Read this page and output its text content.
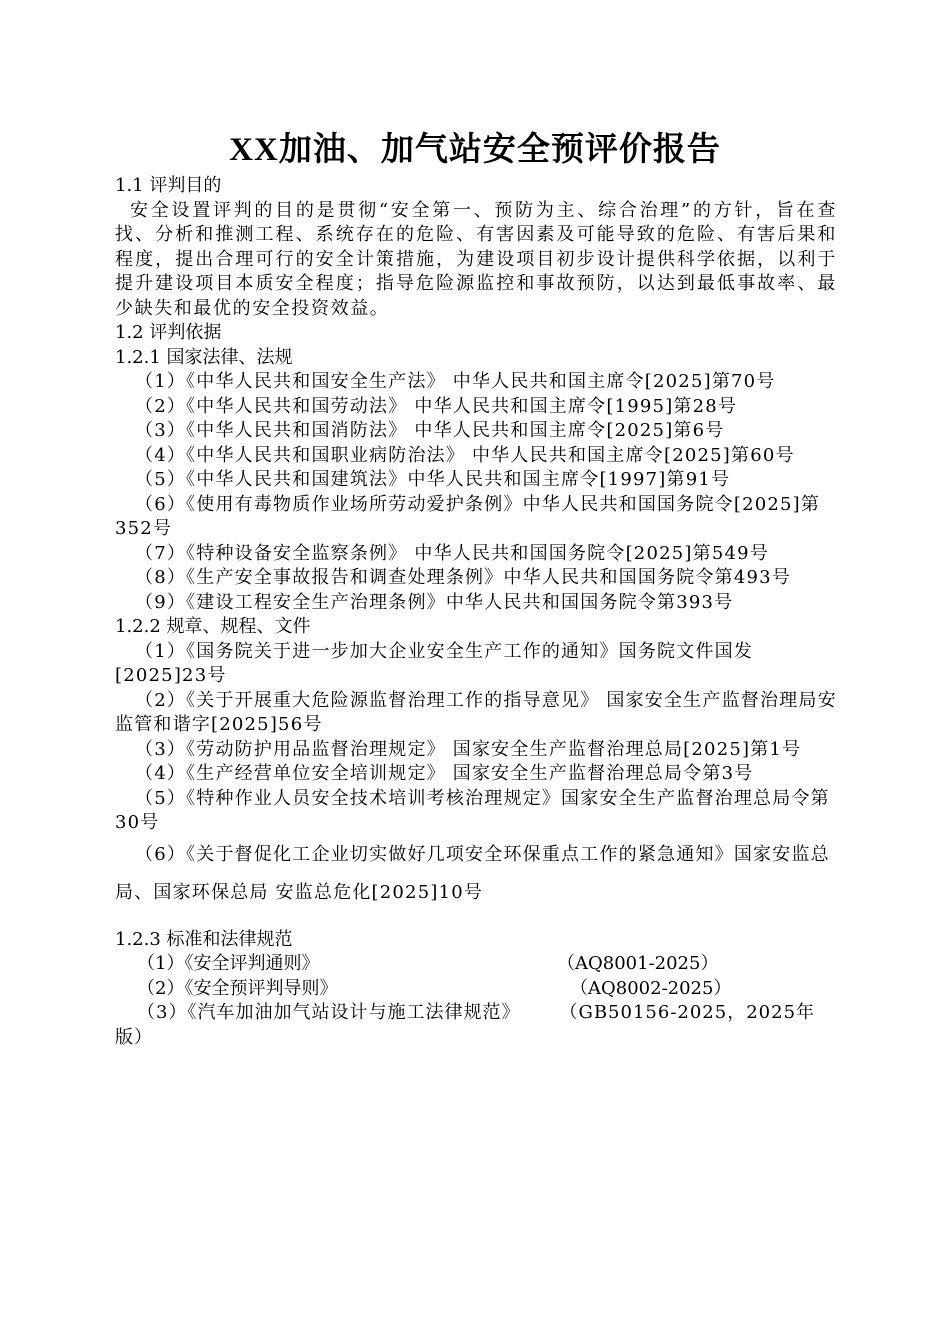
XX加油、加气站安全预评价报告

1.1 评判目的

安全设置评判的目的是贯彻“安全第一、预防为主、综合治理”的方针，旨在查找、分析和推测工程、系统存在的危险、有害因素及可能导致的危险、有害后果和程度，提出合理可行的安全计策措施，为建设项目初步设计提供科学依据，以利于提升建设项目本质安全程度；指导危险源监控和事故预防，以达到最低事故率、最少缺失和最优的安全投资效益。

1.2 评判依据

1.2.1 国家法律、法规

（1）《中华人民共和国安全生产法》 中华人民共和国主席令[2025]第70号

（2）《中华人民共和国劳动法》 中华人民共和国主席令[1995]第28号

（3）《中华人民共和国消防法》 中华人民共和国主席令[2025]第6号

（4）《中华人民共和国职业病防治法》 中华人民共和国主席令[2025]第60号

（5）《中华人民共和国建筑法》中华人民共和国主席令[1997]第91号

（6）《使用有毒物质作业场所劳动爱护条例》中华人民共和国国务院令[2025]第352号

（7）《特种设备安全监察条例》 中华人民共和国国务院令[2025]第549号

（8）《生产安全事故报告和调查处理条例》中华人民共和国国务院令第493号

（9）《建设工程安全生产治理条例》中华人民共和国国务院令第393号

1.2.2 规章、规程、文件

（1）《国务院关于进一步加大企业安全生产工作的通知》国务院文件国发[2025]23号

（2）《关于开展重大危险源监督治理工作的指导意见》 国家安全生产监督治理局安监管和谐字[2025]56号

（3）《劳动防护用品监督治理规定》 国家安全生产监督治理总局[2025]第1号

（4）《生产经营单位安全培训规定》 国家安全生产监督治理总局令第3号

（5）《特种作业人员安全技术培训考核治理规定》国家安全生产监督治理总局令第30号

（6）《关于督促化工企业切实做好几项安全环保重点工作的紧急通知》国家安监总局、国家环保总局 安监总危化[2025]10号

1.2.3 标准和法律规范

（1）《安全评判通则》	（AQ8001-2025）
（2）《安全预评判导则》	（AQ8002-2025）

（3）《汽车加油加气站设计与施工法律规范》　　　（GB50156-2025，2025年版）
